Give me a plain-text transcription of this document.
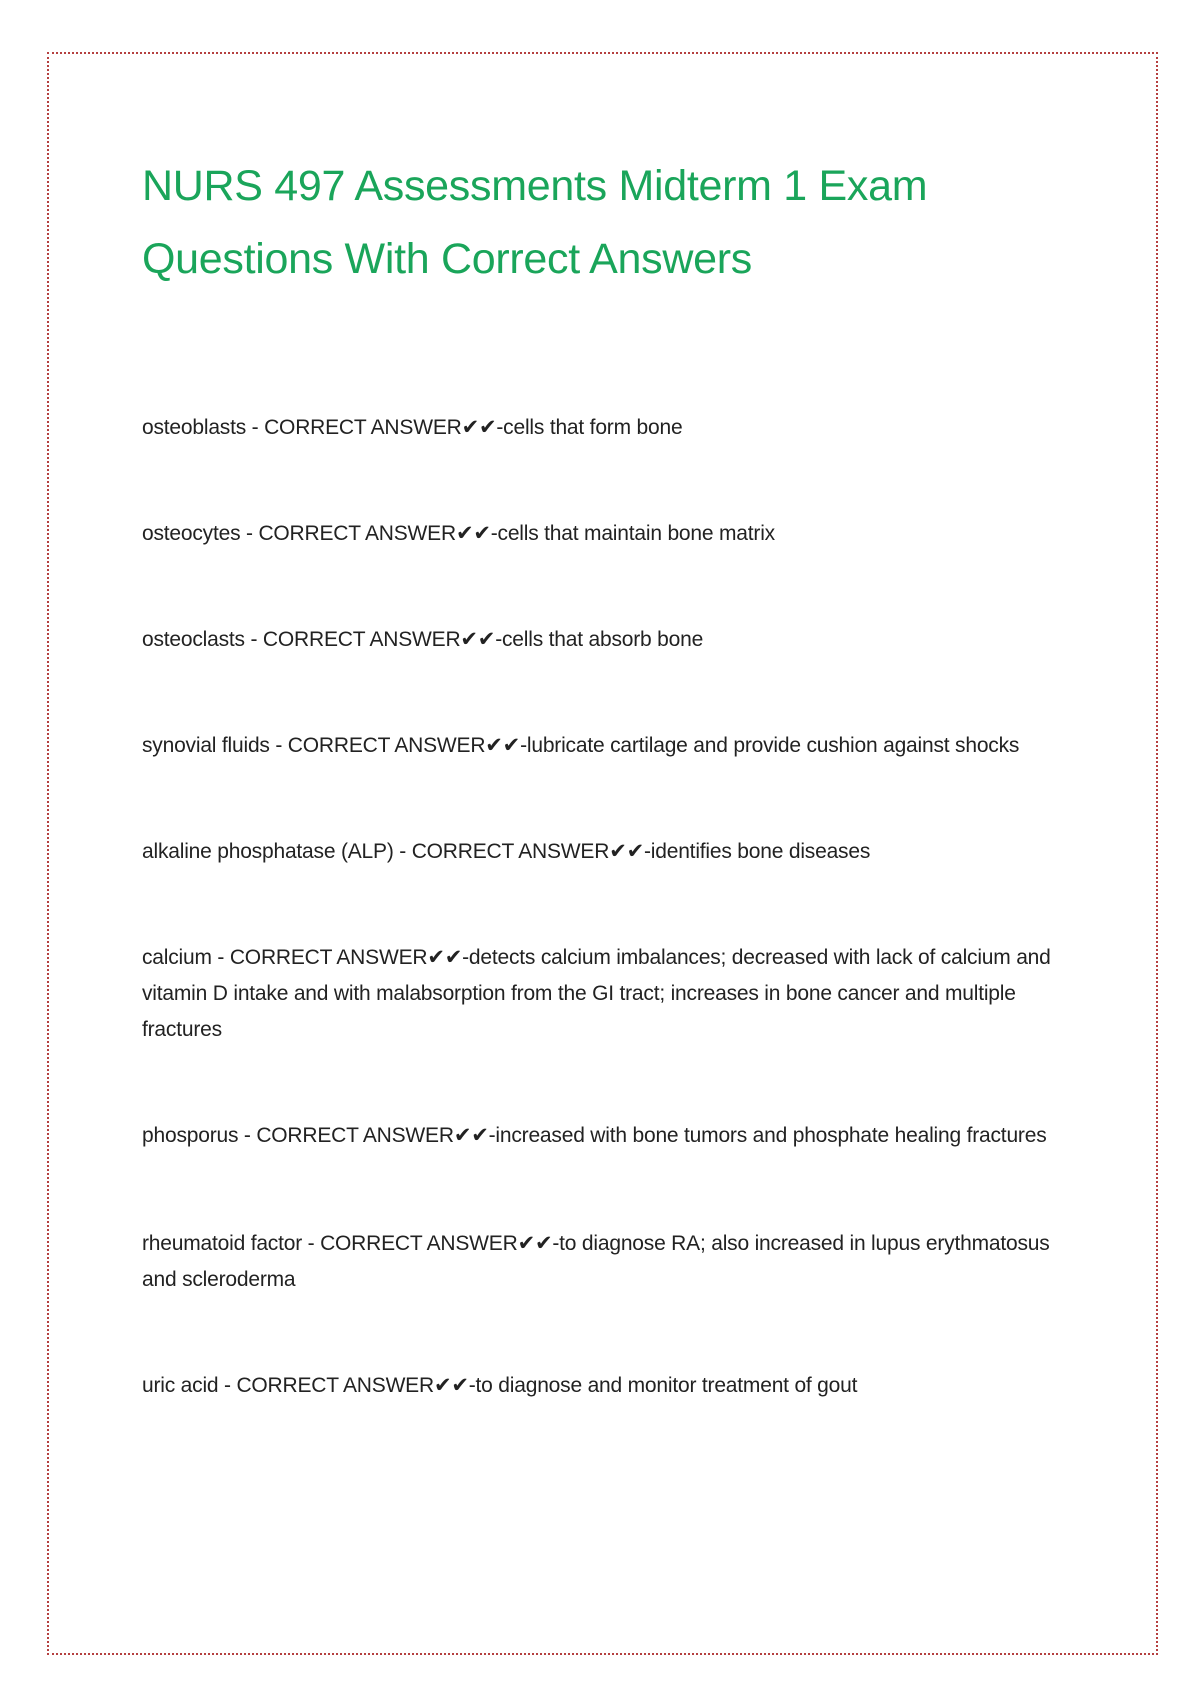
NURS 497 Assessments Midterm 1 Exam
Questions With Correct Answers

osteoblasts - CORRECT ANSWER✔✔-cells that form bone

osteocytes - CORRECT ANSWER✔✔-cells that maintain bone matrix

osteoclasts - CORRECT ANSWER✔✔-cells that absorb bone

synovial fluids - CORRECT ANSWER✔✔-lubricate cartilage and provide cushion against shocks

alkaline phosphatase (ALP) - CORRECT ANSWER✔✔-identifies bone diseases

calcium - CORRECT ANSWER✔✔-detects calcium imbalances; decreased with lack of calcium and vitamin D intake and with malabsorption from the GI tract; increases in bone cancer and multiple fractures

phosporus - CORRECT ANSWER✔✔-increased with bone tumors and phosphate healing fractures

rheumatoid factor - CORRECT ANSWER✔✔-to diagnose RA; also increased in lupus erythmatosus and scleroderma

uric acid - CORRECT ANSWER✔✔-to diagnose and monitor treatment of gout
